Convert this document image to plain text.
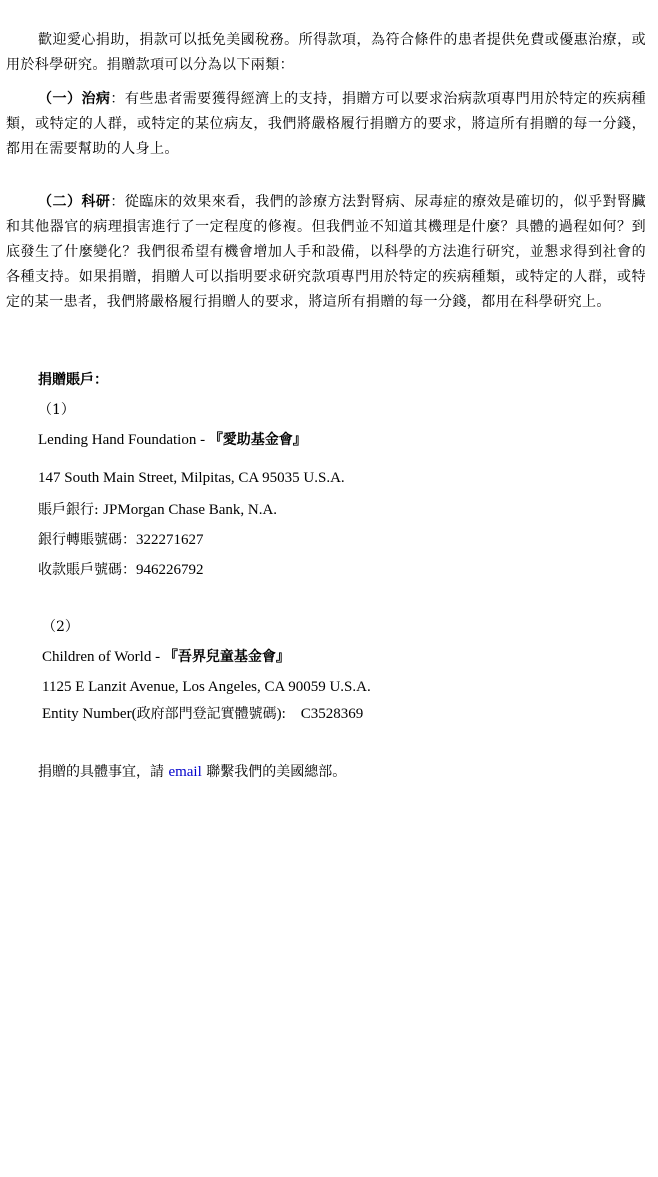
歡迎愛心捐助，捐款可以抵免美國稅務。所得款項，為符合條件的患者提供免費或優惠治療，或用於科學研究。捐贈款項可以分為以下兩類：

（一）治病：有些患者需要獲得經濟上的支持，捐贈方可以要求治病款項專門用於特定的疾病種類，或特定的人群，或特定的某位病友，我們將嚴格履行捐贈方的要求，將這所有捐贈的每一分錢，都用在需要幫助的人身上。

（二）科研：從臨床的效果來看，我們的診療方法對腎病、尿毒症的療效是確切的，似乎對腎臟和其他器官的病理損害進行了一定程度的修複。但我們並不知道其機理是什麼？具體的過程如何？到底發生了什麼變化？我們很希望有機會增加人手和設備，以科學的方法進行研究，並懇求得到社會的各種支持。如果捐贈，捐贈人可以指明要求研究款項專門用於特定的疾病種類，或特定的人群，或特定的某一患者，我們將嚴格履行捐贈人的要求，將這所有捐贈的每一分錢，都用在科學研究上。

捐贈賬戶：
（1）
Lending Hand Foundation - 『愛助基金會』
147 South Main Street, Milpitas, CA 95035 U.S.A.
賬戶銀行: JPMorgan Chase Bank, N.A.
銀行轉賬號碼：322271627
收款賬戶號碼：946226792
（2）
Children of World - 『吾界兒童基金會』
1125 E Lanzit Avenue, Los Angeles, CA 90059 U.S.A.
Entity Number(政府部門登記實體號碼):    C3528369
捐贈的具體事宜，請 email 聯繫我們的美國總部。
